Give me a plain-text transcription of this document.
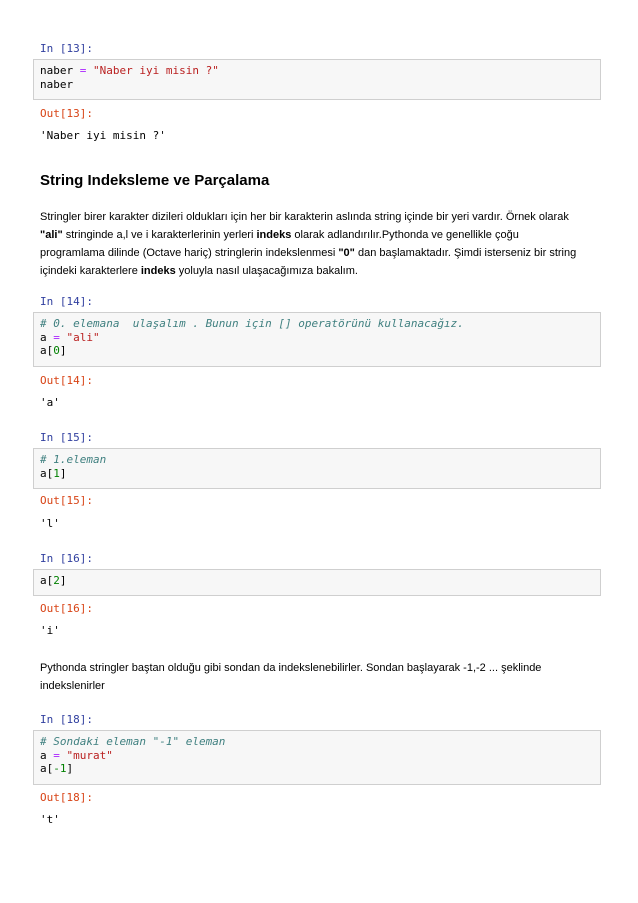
In [13]:
naber = "Naber iyi misin ?"
naber
Out[13]:
'Naber iyi misin ?'
String Indeksleme ve Parçalama
Stringler birer karakter dizileri oldukları için her bir karakterin aslında string içinde bir yeri vardır. Örnek olarak
"ali" stringinde a,l ve i karakterlerinin yerleri indeks olarak adlandırılır.Pythonda ve genellikle çoğu
programlama dilinde (Octave hariç) stringlerin indekslenmesi "0" dan başlamaktadır. Şimdi isterseniz bir string
içindeki karakterlere indeks yoluyla nasıl ulaşacağımıza bakalım.
In [14]:
# 0. elemana  ulaşalım . Bunun için [] operatörünü kullanacağız.
a = "ali"
a[0]
Out[14]:
'a'
In [15]:
# 1.eleman
a[1]
Out[15]:
'l'
In [16]:
a[2]
Out[16]:
'i'
Pythonda stringler baştan olduğu gibi sondan da indekslenebilirler. Sondan başlayarak -1,-2 ... şeklinde
indekslenirler
In [18]:
# Sondaki eleman "-1" eleman
a = "murat"
a[-1]
Out[18]:
't'
